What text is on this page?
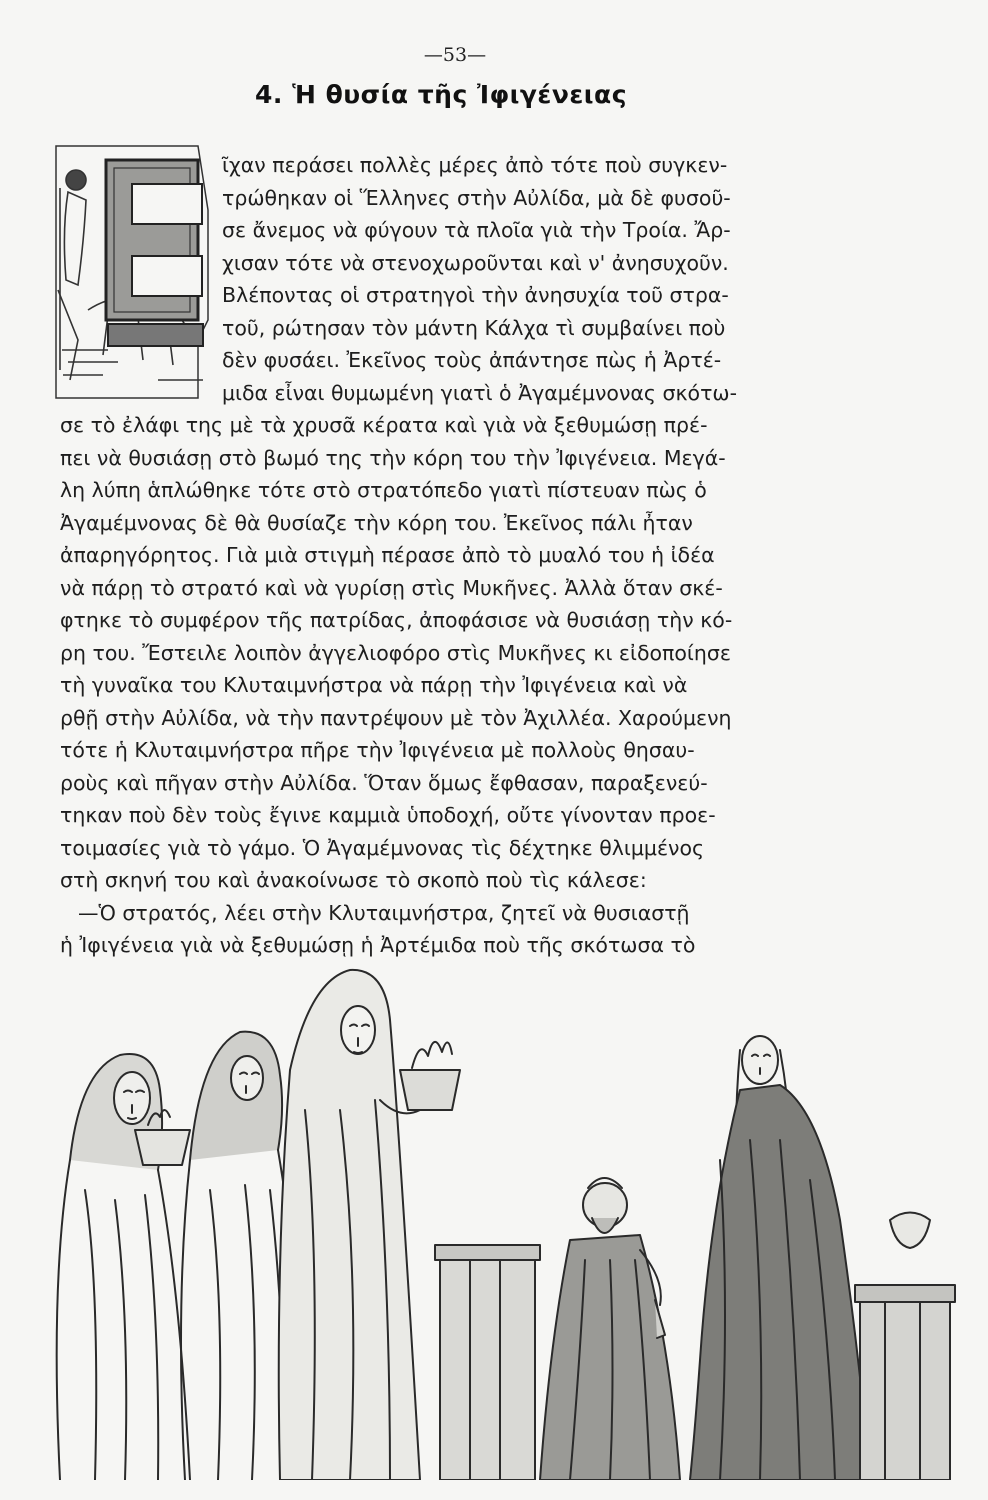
—53—
4. Ἡ θυσία τῆς Ἰφιγένειας
ῖχαν περάσει πολλὲς μέρες ἀπὸ τότε ποὺ συγκεν-
τρώθηκαν οἱ Ἕλληνες στὴν Αὐλίδα, μὰ δὲ φυσοῦ-
σε ἄνεμος νὰ φύγουν τὰ πλοῖα γιὰ τὴν Τροία. Ἄρ-
χισαν τότε νὰ στενοχωροῦνται καὶ ν' ἀνησυχοῦν.
Βλέποντας οἱ στρατηγοὶ τὴν ἀνησυχία τοῦ στρα-
τοῦ, ρώτησαν τὸν μάντη Κάλχα τὶ συμβαίνει ποὺ
δὲν φυσάει. Ἐκεῖνος τοὺς ἀπάντησε πὼς ἡ Ἀρτέ-
μιδα εἶναι θυμωμένη γιατὶ ὁ Ἀγαμέμνονας σκότω-
σε τὸ ἐλάφι της μὲ τὰ χρυσᾶ κέρατα καὶ γιὰ νὰ ξεθυμώσῃ πρέ-
πει νὰ θυσιάσῃ στὸ βωμό της τὴν κόρη του τὴν Ἰφιγένεια. Μεγά-
λη λύπη ἁπλώθηκε τότε στὸ στρατόπεδο γιατὶ πίστευαν πὼς ὁ
Ἀγαμέμνονας δὲ θὰ θυσίαζε τὴν κόρη του. Ἐκεῖνος πάλι ἦταν
ἀπαρηγόρητος. Γιὰ μιὰ στιγμὴ πέρασε ἀπὸ τὸ μυαλό του ἡ ἰδέα
νὰ πάρῃ τὸ στρατό καὶ νὰ γυρίσῃ στὶς Μυκῆνες. Ἀλλὰ ὅταν σκέ-
φτηκε τὸ συμφέρον τῆς πατρίδας, ἀποφάσισε νὰ θυσιάσῃ τὴν κό-
ρη του. Ἔστειλε λοιπὸν ἀγγελιοφόρο στὶς Μυκῆνες κι εἰδοποίησε
τὴ γυναῖκα του Κλυταιμνήστρα νὰ πάρῃ τὴν Ἰφιγένεια καὶ νὰ
ρθῇ στὴν Αὐλίδα, νὰ τὴν παντρέψουν μὲ τὸν Ἀχιλλέα. Χαρούμενη
τότε ἡ Κλυταιμνήστρα πῆρε τὴν Ἰφιγένεια μὲ πολλοὺς θησαυ-
ροὺς καὶ πῆγαν στὴν Αὐλίδα. Ὅταν ὅμως ἔφθασαν, παραξενεύ-
τηκαν ποὺ δὲν τοὺς ἔγινε καμμιὰ ὑποδοχή, οὔτε γίνονταν προε-
τοιμασίες γιὰ τὸ γάμο. Ὁ Ἀγαμέμνονας τὶς δέχτηκε θλιμμένος
στὴ σκηνή του καὶ ἀνακοίνωσε τὸ σκοπὸ ποὺ τὶς κάλεσε:
—Ὁ στρατός, λέει στὴν Κλυταιμνήστρα, ζητεῖ νὰ θυσιαστῇ
ἡ Ἰφιγένεια γιὰ νὰ ξεθυμώσῃ ἡ Ἀρτέμιδα ποὺ τῆς σκότωσα τὸ
